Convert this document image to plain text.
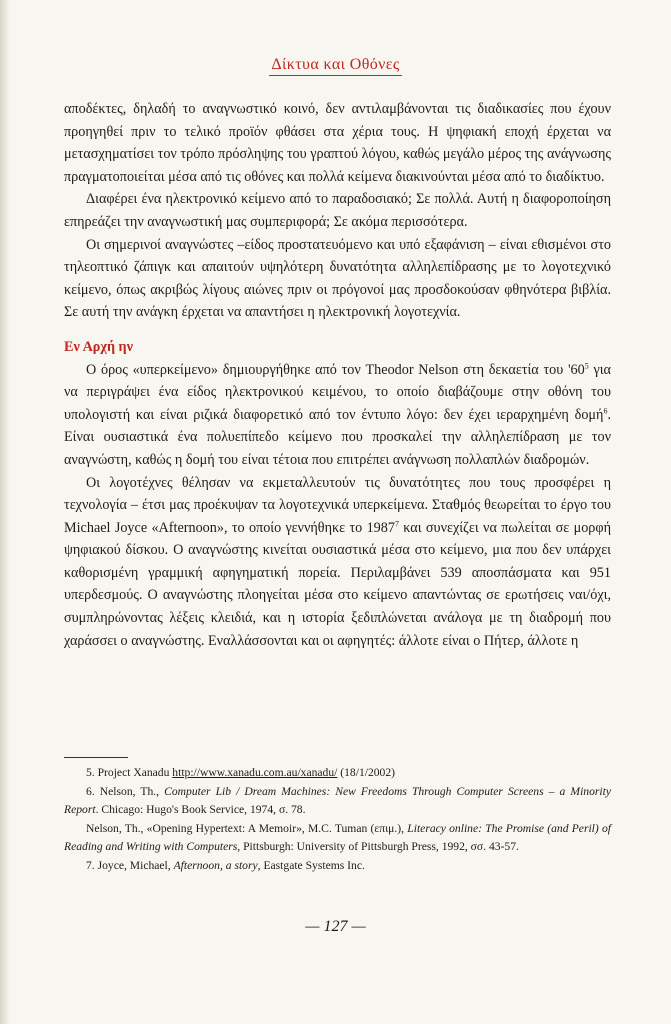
Δίκτυα και Οθόνες

αποδέκτες, δηλαδή το αναγνωστικό κοινό, δεν αντιλαμβάνονται τις διαδικασίες που έχουν προηγηθεί πριν το τελικό προϊόν φθάσει στα χέρια τους. Η ψηφιακή εποχή έρχεται να μετασχηματίσει τον τρόπο πρόσληψης του γραπτού λόγου, καθώς μεγάλο μέρος της ανάγνωσης πραγματοποιείται μέσα από τις οθόνες και πολλά κείμενα διακινούνται μέσα από το διαδίκτυο.

Διαφέρει ένα ηλεκτρονικό κείμενο από το παραδοσιακό; Σε πολλά. Αυτή η διαφοροποίηση επηρεάζει την αναγνωστική μας συμπεριφορά; Σε ακόμα περισσότερα.

Οι σημερινοί αναγνώστες –είδος προστατευόμενο και υπό εξαφάνιση – είναι εθισμένοι στο τηλεοπτικό ζάπιγκ και απαιτούν υψηλότερη δυνατότητα αλληλεπίδρασης με το λογοτεχνικό κείμενο, όπως ακριβώς λίγους αιώνες πριν οι πρόγονοί μας προσδοκούσαν φθηνότερα βιβλία. Σε αυτή την ανάγκη έρχεται να απαντήσει η ηλεκτρονική λογοτεχνία.

Εν Αρχή ην

Ο όρος «υπερκείμενο» δημιουργήθηκε από τον Theodor Nelson στη δεκαετία του '$60^5$ για να περιγράψει ένα είδος ηλεκτρονικού κειμένου, το οποίο διαβάζουμε στην οθόνη του υπολογιστή και είναι ριζικά διαφορετικό από τον έντυπο λόγο: δεν έχει ιεραρχημένη δομή$^6$. Είναι ουσιαστικά ένα πολυεπίπεδο κείμενο που προσκαλεί την αλληλεπίδραση με τον αναγνώστη, καθώς η δομή του είναι τέτοια που επιτρέπει ανάγνωση πολλαπλών διαδρομών.

Οι λογοτέχνες θέλησαν να εκμεταλλευτούν τις δυνατότητες που τους προσφέρει η τεχνολογία – έτσι μας προέκυψαν τα λογοτεχνικά υπερκείμενα. Σταθμός θεωρείται το έργο του Michael Joyce «Afternoon», το οποίο γεννήθηκε το 1987$^7$ και συνεχίζει να πωλείται σε μορφή ψηφιακού δίσκου. Ο αναγνώστης κινείται ουσιαστικά μέσα στο κείμενο, μια που δεν υπάρχει καθορισμένη γραμμική αφηγηματική πορεία. Περιλαμβάνει 539 αποσπάσματα και 951 υπερδεσμούς. Ο αναγνώστης πλοηγείται μέσα στο κείμενο απαντώντας σε ερωτήσεις ναι/όχι, συμπληρώνοντας λέξεις κλειδιά, και η ιστορία ξεδιπλώνεται ανάλογα με τη διαδρομή που χαράσσει ο αναγνώστης. Εναλλάσσονται και οι αφηγητές: άλλοτε είναι ο Πήτερ, άλλοτε η

5. Project Xanadu http://www.xanadu.com.au/xanadu/ (18/1/2002)

6. Nelson, Th., Computer Lib / Dream Machines: New Freedoms Through Computer Screens – a Minority Report. Chicago: Hugo's Book Service, 1974, σ. 78.

Nelson, Th., «Opening Hypertext: A Memoir», M.C. Tuman (επιμ.), Literacy online: The Promise (and Peril) of Reading and Writing with Computers, Pittsburgh: University of Pittsburgh Press, 1992, σσ. 43-57.

7. Joyce, Michael, Afternoon, a story, Eastgate Systems Inc.

— 127 —
